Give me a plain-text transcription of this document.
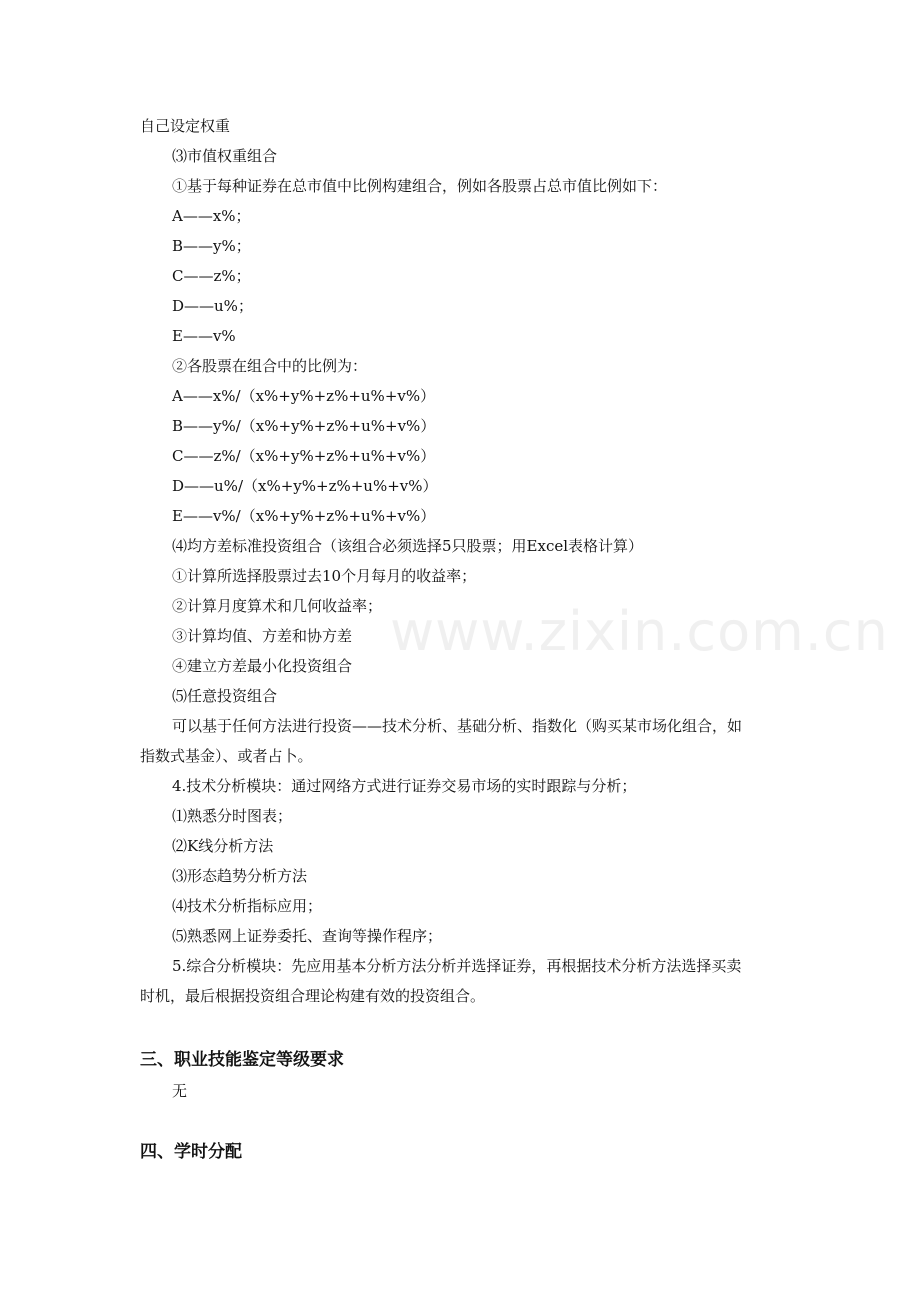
www.zixin.com.cn
自己设定权重
⑶市值权重组合
①基于每种证券在总市值中比例构建组合，例如各股票占总市值比例如下：
A——x%；
B——y%；
C——z%；
D——u%；
E——v%
②各股票在组合中的比例为：
A——x%/（x%+y%+z%+u%+v%）
B——y%/（x%+y%+z%+u%+v%）
C——z%/（x%+y%+z%+u%+v%）
D——u%/（x%+y%+z%+u%+v%）
E——v%/（x%+y%+z%+u%+v%）
⑷均方差标准投资组合（该组合必须选择5只股票；用Excel表格计算）
①计算所选择股票过去10个月每月的收益率；
②计算月度算术和几何收益率；
③计算均值、方差和协方差
④建立方差最小化投资组合
⑸任意投资组合
可以基于任何方法进行投资——技术分析、基础分析、指数化（购买某市场化组合，如
指数式基金）、或者占卜。
4.技术分析模块：通过网络方式进行证券交易市场的实时跟踪与分析；
⑴熟悉分时图表；
⑵K线分析方法
⑶形态趋势分析方法
⑷技术分析指标应用；
⑸熟悉网上证券委托、查询等操作程序；
5.综合分析模块：先应用基本分析方法分析并选择证券，再根据技术分析方法选择买卖
时机，最后根据投资组合理论构建有效的投资组合。
三、职业技能鉴定等级要求
无
四、学时分配
